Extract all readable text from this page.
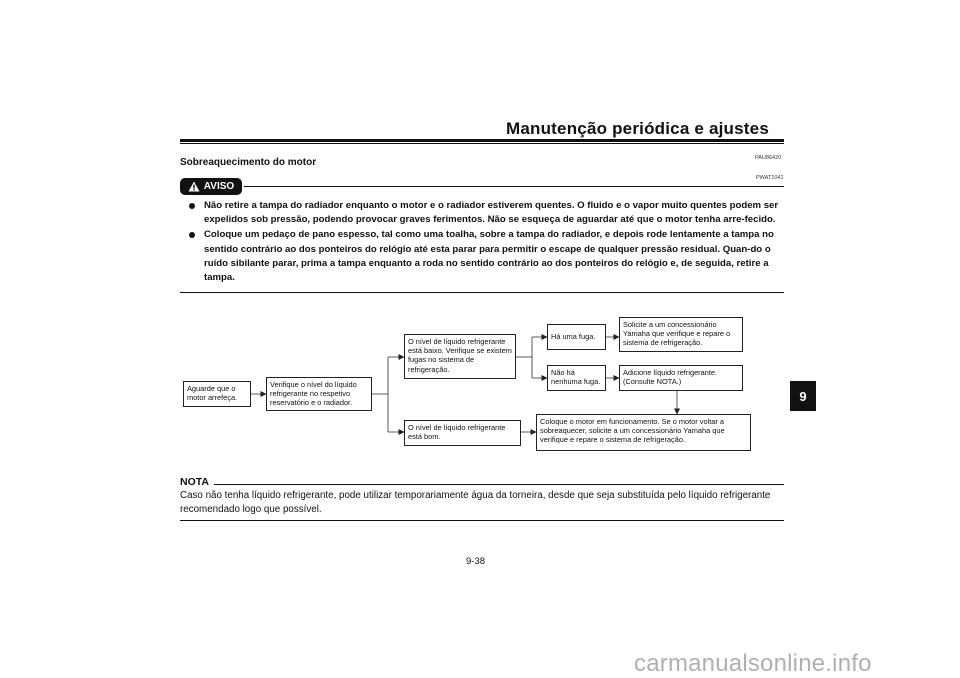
Manutenção periódica e ajustes
PAU86420
Sobreaquecimento do motor
AVISO
PWAT1041
Não retire a tampa do radiador enquanto o motor e o radiador estiverem quentes. O fluido e o vapor muito quentes podem ser expelidos sob pressão, podendo provocar graves ferimentos. Não se esqueça de aguardar até que o motor tenha arre-fecido.
Coloque um pedaço de pano espesso, tal como uma toalha, sobre a tampa do radiador, e depois rode lentamente a tampa no sentido contrário ao dos ponteiros do relógio até esta parar para permitir o escape de qualquer pressão residual. Quan-do o ruído sibilante parar, prima a tampa enquanto a roda no sentido contrário ao dos ponteiros do relógio e, de seguida, retire a tampa.
9
Aguarde que o motor arrefeça.
Verifique o nível do líquido refrigerante no respetivo reservatório e o radiador.
O nível de líquido refrigerante está baixo. Verifique se existem fugas no sistema de refrigeração.
O nível de líquido refrigerante está bom.
Há uma fuga.
Não há nenhuma fuga.
Solicite a um concessionário Yamaha que verifique e repare o sistema de refrigeração.
Adicione líquido refrigerante. (Consulte NOTA.)
Coloque o motor em funcionamento. Se o motor voltar a sobreaquecer, solicite a um concessionário Yamaha que verifique e repare o sistema de refrigeração.
NOTA
Caso não tenha líquido refrigerante, pode utilizar temporariamente água da torneira, desde que seja substituída pelo líquido refrigerante recomendado logo que possível.
9-38
carmanualsonline.info
